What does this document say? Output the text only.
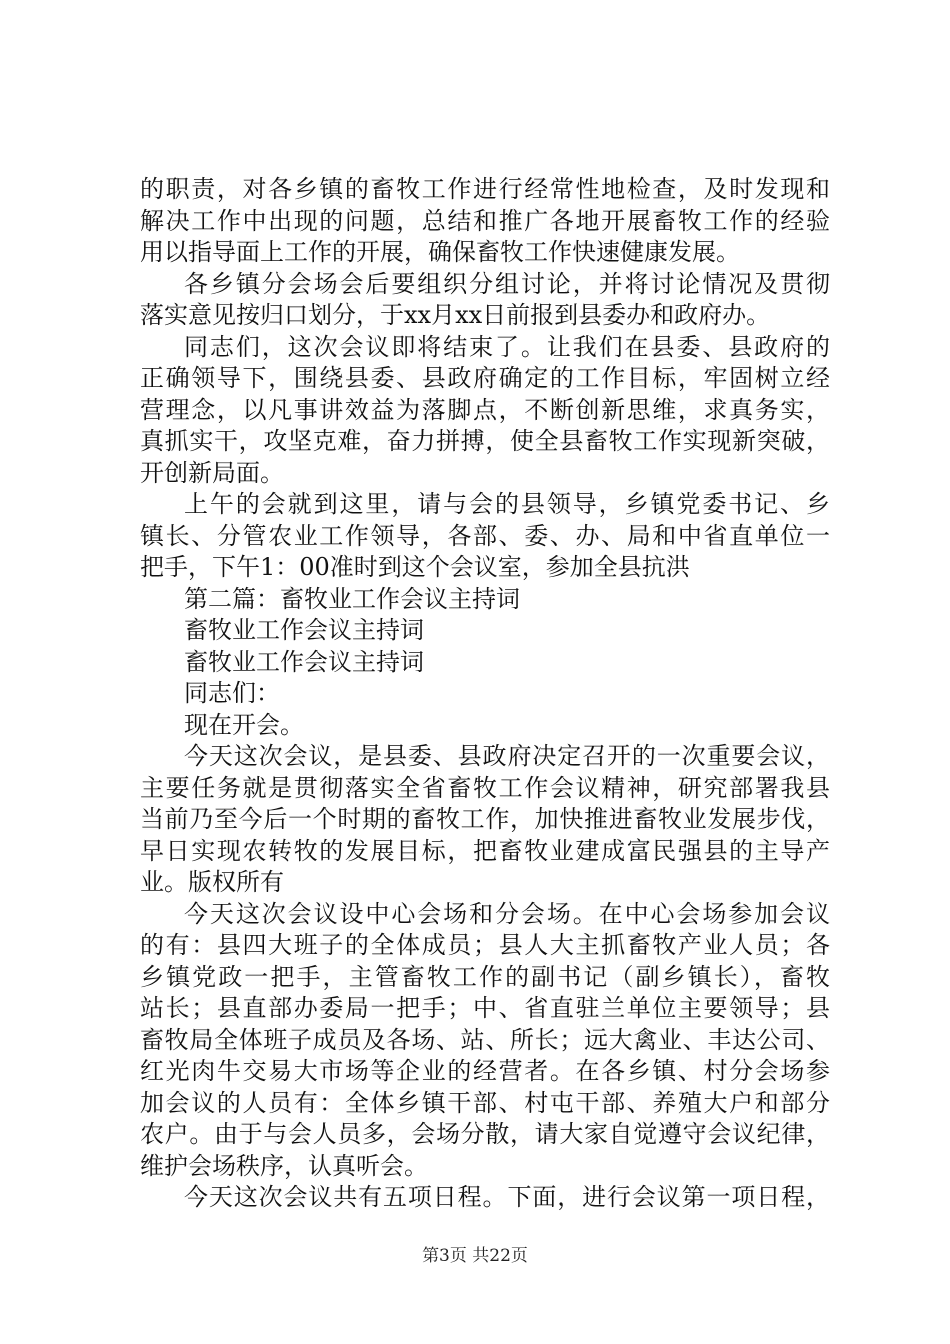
的职责，对各乡镇的畜牧工作进行经常性地检查，及时发现和
解决工作中出现的问题，总结和推广各地开展畜牧工作的经验
用以指导面上工作的开展，确保畜牧工作快速健康发展。
各乡镇分会场会后要组织分组讨论，并将讨论情况及贯彻
落实意见按归口划分，于xx月xx日前报到县委办和政府办。
同志们，这次会议即将结束了。让我们在县委、县政府的
正确领导下，围绕县委、县政府确定的工作目标，牢固树立经
营理念，以凡事讲效益为落脚点，不断创新思维，求真务实，
真抓实干，攻坚克难，奋力拼搏，使全县畜牧工作实现新突破，
开创新局面。
上午的会就到这里，请与会的县领导，乡镇党委书记、乡
镇长、分管农业工作领导，各部、委、办、局和中省直单位一
把手，下午1：00准时到这个会议室，参加全县抗洪
第二篇：畜牧业工作会议主持词
畜牧业工作会议主持词
畜牧业工作会议主持词
同志们：
现在开会。
今天这次会议，是县委、县政府决定召开的一次重要会议，
主要任务就是贯彻落实全省畜牧工作会议精神，研究部署我县
当前乃至今后一个时期的畜牧工作，加快推进畜牧业发展步伐，
早日实现农转牧的发展目标，把畜牧业建成富民强县的主导产
业。版权所有
今天这次会议设中心会场和分会场。在中心会场参加会议
的有：县四大班子的全体成员；县人大主抓畜牧产业人员；各
乡镇党政一把手，主管畜牧工作的副书记（副乡镇长），畜牧
站长；县直部办委局一把手；中、省直驻兰单位主要领导；县
畜牧局全体班子成员及各场、站、所长；远大禽业、丰达公司、
红光肉牛交易大市场等企业的经营者。在各乡镇、村分会场参
加会议的人员有：全体乡镇干部、村屯干部、养殖大户和部分
农户。由于与会人员多，会场分散，请大家自觉遵守会议纪律，
维护会场秩序，认真听会。
今天这次会议共有五项日程。下面，进行会议第一项日程，
第3页 共22页
